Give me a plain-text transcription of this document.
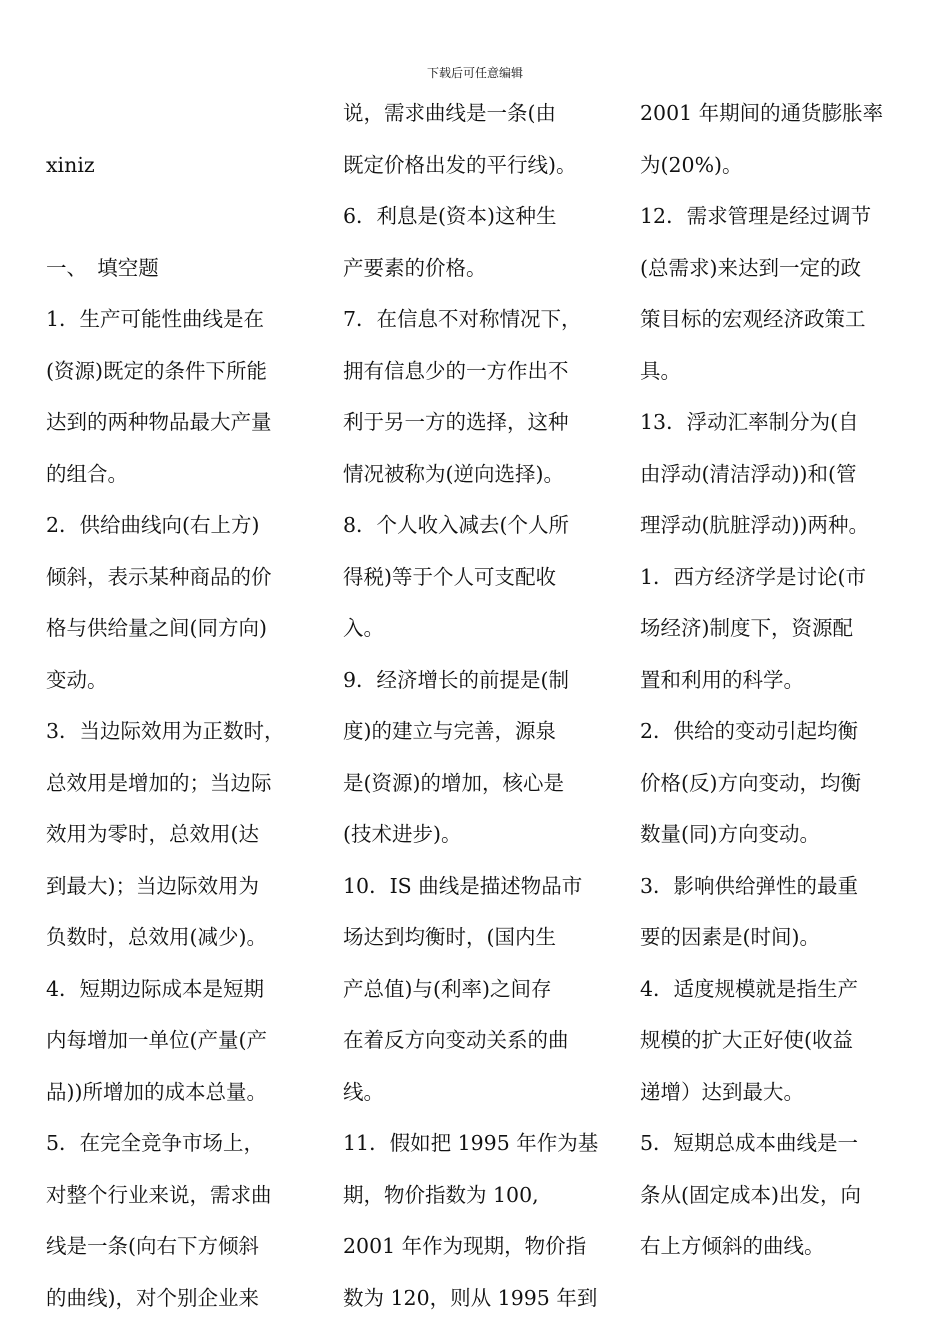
下载后可任意编辑
xiniz
一、　填空题
1．生产可能性曲线是在
(资源)既定的条件下所能
达到的两种物品最大产量
的组合。
2．供给曲线向(右上方)
倾斜，表示某种商品的价
格与供给量之间(同方向)
变动。
3．当边际效用为正数时，
总效用是增加的；当边际
效用为零时，总效用(达
到最大)；当边际效用为
负数时，总效用(减少)。
4．短期边际成本是短期
内每增加一单位(产量(产
品))所增加的成本总量。
5．在完全竞争市场上，
对整个行业来说，需求曲
线是一条(向右下方倾斜
的曲线)，对个别企业来
说，需求曲线是一条(由
既定价格出发的平行线)。
6．利息是(资本)这种生
产要素的价格。
7．在信息不对称情况下，
拥有信息少的一方作出不
利于另一方的选择，这种
情况被称为(逆向选择)。
8．个人收入减去(个人所
得税)等于个人可支配收
入。
9．经济增长的前提是(制
度)的建立与完善，源泉
是(资源)的增加，核心是
(技术进步)。
10．IS 曲线是描述物品市
场达到均衡时，(国内生
产总值)与(利率)之间存
在着反方向变动关系的曲
线。
11．假如把 1995 年作为基
期，物价指数为 100,
2001 年作为现期，物价指
数为 120，则从 1995 年到
2001 年期间的通货膨胀率
为(20%)。
12．需求管理是经过调节
(总需求)来达到一定的政
策目标的宏观经济政策工
具。
13．浮动汇率制分为(自
由浮动(清洁浮动))和(管
理浮动(肮脏浮动))两种。
1．西方经济学是讨论(市
场经济)制度下，资源配
置和利用的科学。
2．供给的变动引起均衡
价格(反)方向变动，均衡
数量(同)方向变动。
3．影响供给弹性的最重
要的因素是(时间)。
4．适度规模就是指生产
规模的扩大正好使(收益
递增）达到最大。
5．短期总成本曲线是一
条从(固定成本)出发，向
右上方倾斜的曲线。
